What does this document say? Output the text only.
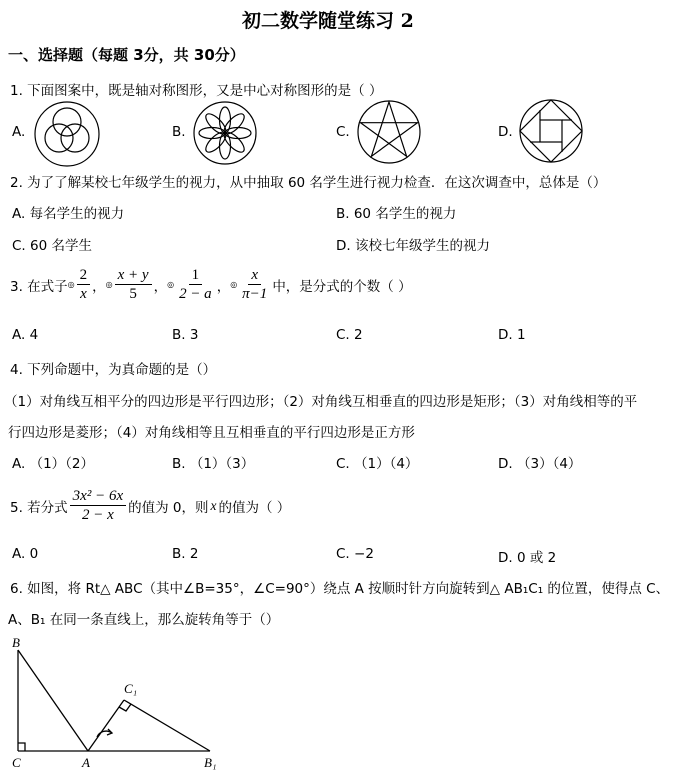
初二数学随堂练习 2
一、选择题（每题 3分，共 30分）
1. 下面图案中，既是轴对称图形，又是中心对称图形的是（ ）
A.	B.	C.	D.
2. 为了了解某校七年级学生的视力，从中抽取 60 名学生进行视力检查．在这次调查中，总体是（）
A. 每名学生的视力	B. 60 名学生的视力
C. 60 名学生	D. 该校七年级学生的视力
3. 在式子 ◎ $\frac{2}{x}$ ， ◎ $\frac{x + y}{5}$ ， ◎ $\frac{1}{2 - a}$ ， ◎ $\frac{x}{\pi-1}$ 中，是分式的个数（ ）
A. 4	B. 3	C. 2	D. 1
4. 下列命题中，为真命题的是（）
（1）对角线互相平分的四边形是平行四边形；（2）对角线互相垂直的四边形是矩形；（3）对角线相等的平
行四边形是菱形；（4）对角线相等且互相垂直的平行四边形是正方形
A. （1）（2）	B. （1）（3）	C. （1）（4）	D. （3）（4）
5. 若分式 $\frac{\text{3x² − 6x}}{2 - x}$ 的值为 0，则 x 的值为（ ）
A. 0	B. 2	C. −2	D. 0 或 2
6. 如图，将 Rt△ ABC（其中∠B=35°，∠C=90°）绕点 A 按顺时针方向旋转到△ AB₁C₁ 的位置，使得点 C、
A、B₁ 在同一条直线上，那么旋转角等于（）
B
C₁
C	A	B₁
